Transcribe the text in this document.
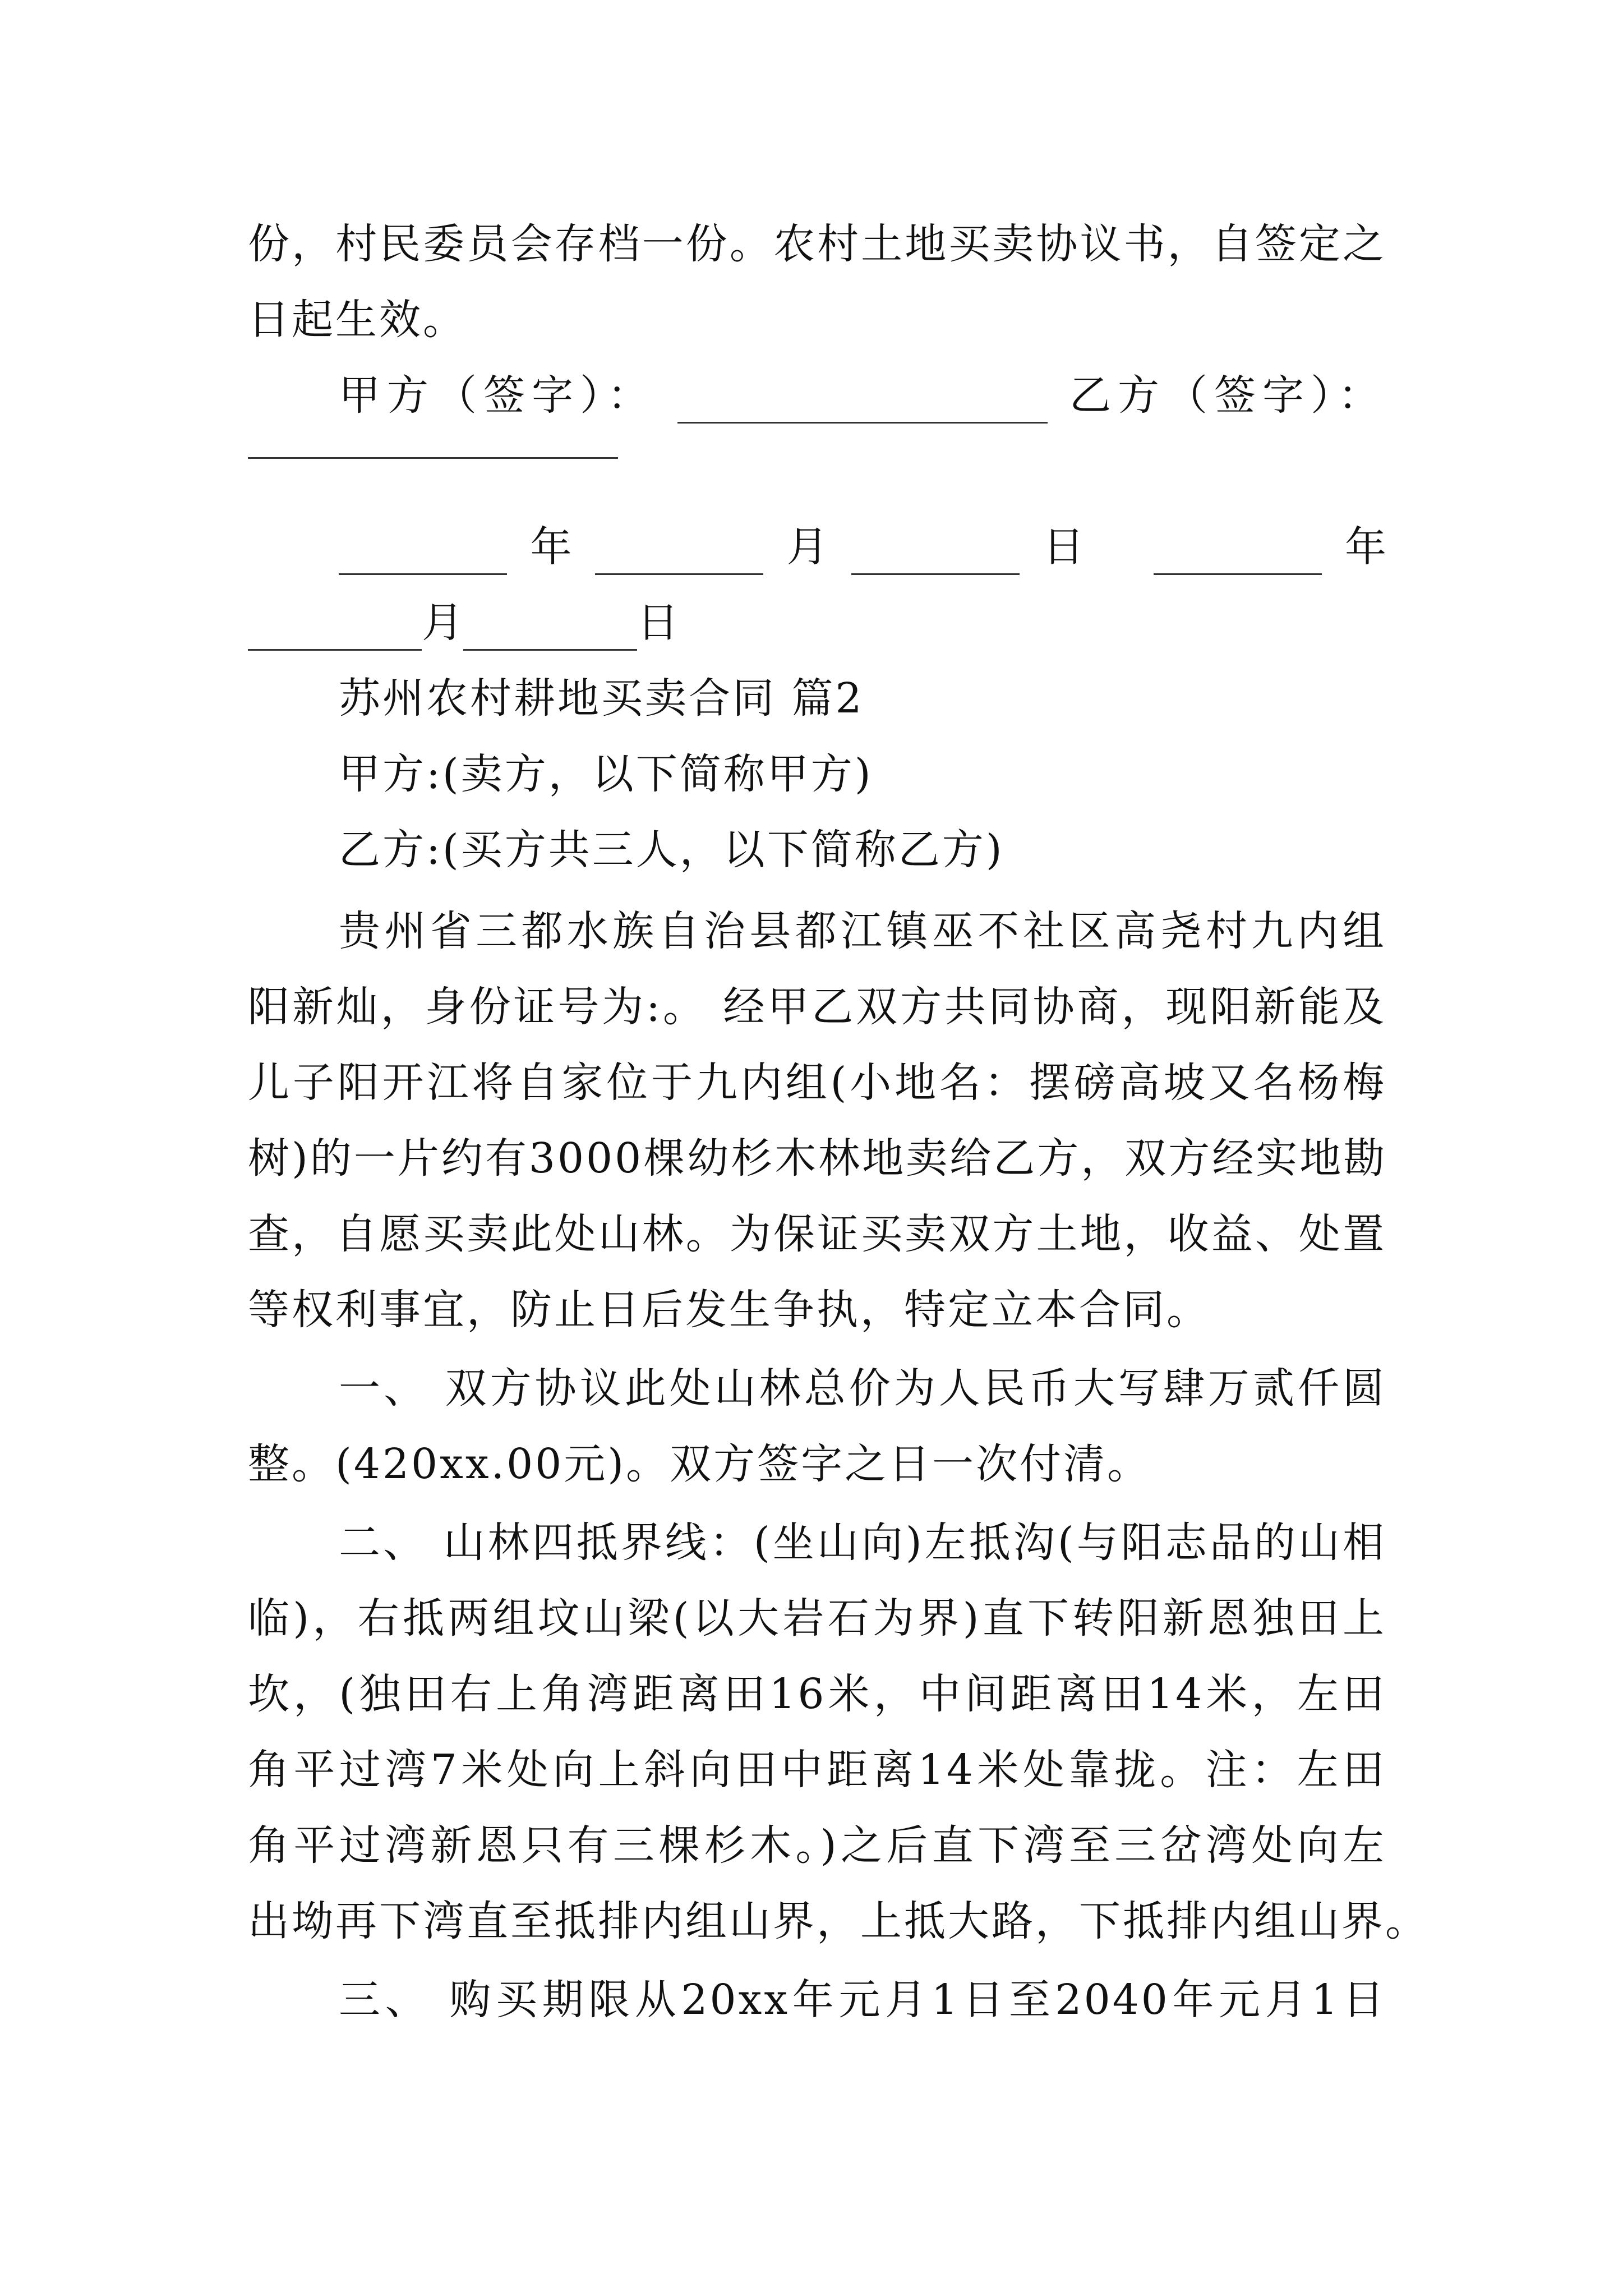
份，村民委员会存档一份。农村土地买卖协议书，自签定之
日起生效。
甲方（签字）：	乙方（签字）：
年	月	日	年
月	日
苏州农村耕地买卖合同 篇2
甲方:(卖方，以下简称甲方)
乙方:(买方共三人，以下简称乙方)
贵州省三都水族自治县都江镇巫不社区高尧村九内组
阳新灿，身份证号为:。 经甲乙双方共同协商，现阳新能及
儿子阳开江将自家位于九内组(小地名：摆磅高坡又名杨梅
树)的一片约有3000棵幼杉木林地卖给乙方，双方经实地勘
查，自愿买卖此处山林。为保证买卖双方土地，收益、处置
等权利事宜，防止日后发生争执，特定立本合同。
一、 双方协议此处山林总价为人民币大写肆万贰仟圆
整。(420xx.00元)。双方签字之日一次付清。
二、 山林四抵界线：(坐山向)左抵沟(与阳志品的山相
临)，右抵两组坟山梁(以大岩石为界)直下转阳新恩独田上
坎，(独田右上角湾距离田16米，中间距离田14米，左田
角平过湾7米处向上斜向田中距离14米处靠拢。注：左田
角平过湾新恩只有三棵杉木。)之后直下湾至三岔湾处向左
出坳再下湾直至抵排内组山界，上抵大路，下抵排内组山界。
三、 购买期限从20xx年元月1日至2040年元月1日
